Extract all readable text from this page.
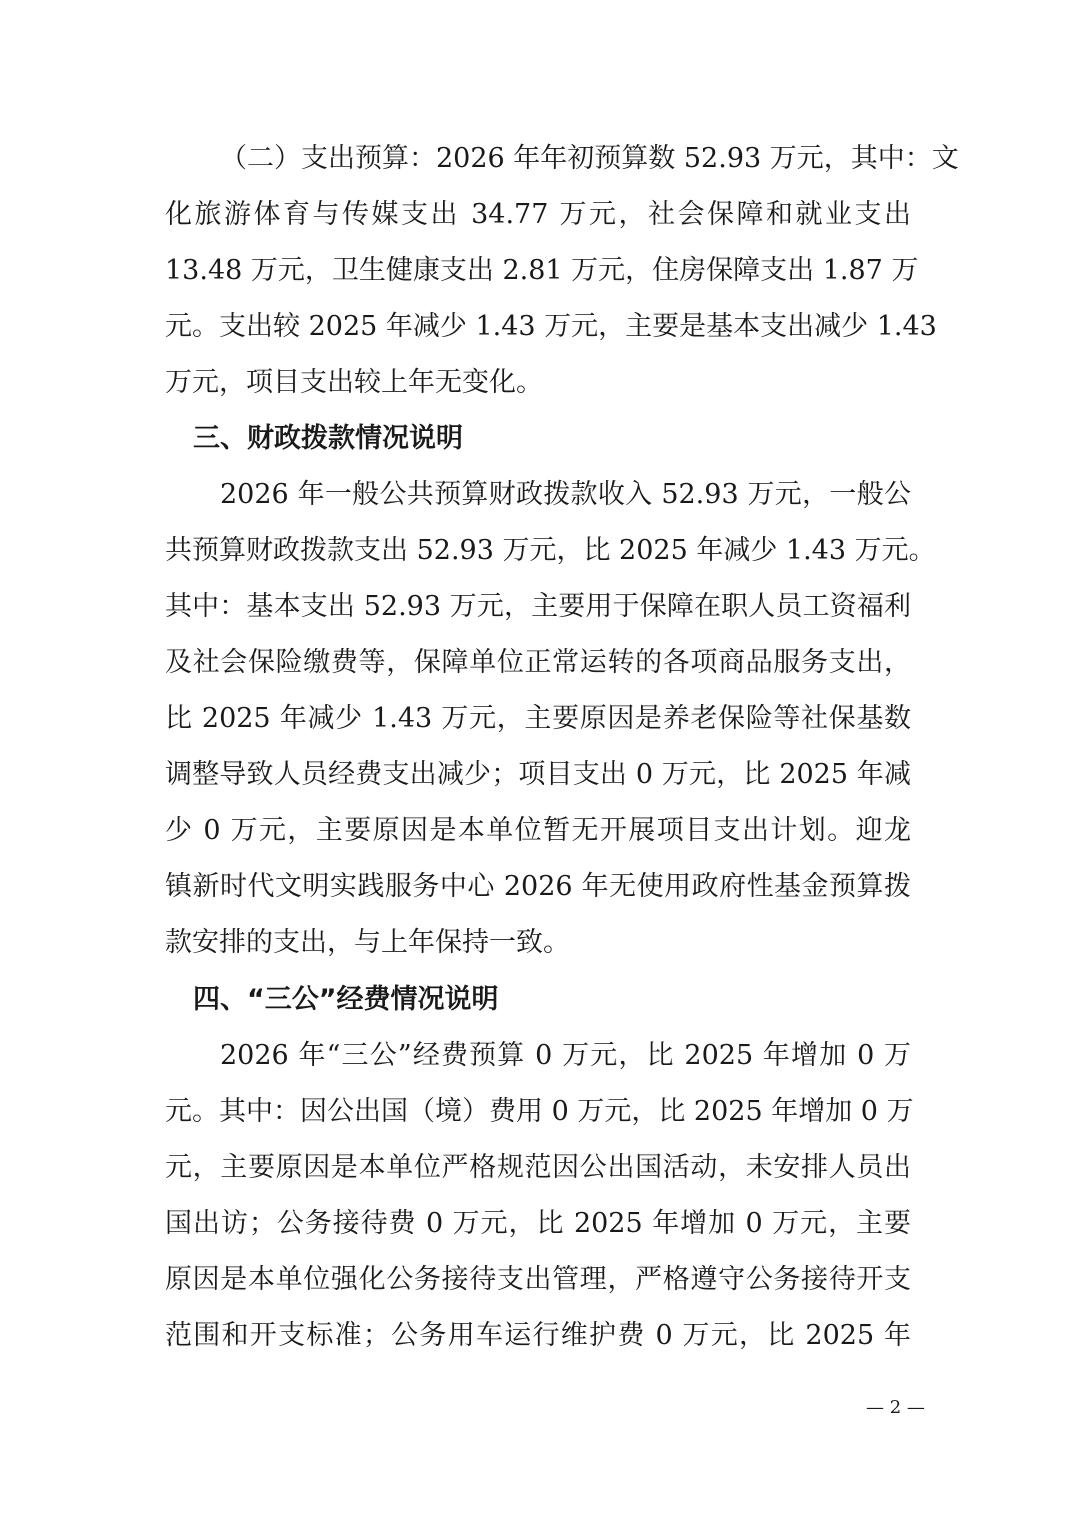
（二）支出预算：2026 年年初预算数 52.93 万元，其中：文

化旅游体育与传媒支出 34.77 万元，社会保障和就业支出

13.48 万元，卫生健康支出 2.81 万元，住房保障支出 1.87 万

元。支出较 2025 年减少 1.43 万元，主要是基本支出减少 1.43

万元，项目支出较上年无变化。

三、财政拨款情况说明

2026 年一般公共预算财政拨款收入 52.93 万元，一般公

共预算财政拨款支出 52.93 万元，比 2025 年减少 1.43 万元。

其中：基本支出 52.93 万元，主要用于保障在职人员工资福利

及社会保险缴费等，保障单位正常运转的各项商品服务支出，

比 2025 年减少 1.43 万元，主要原因是养老保险等社保基数

调整导致人员经费支出减少；项目支出 0 万元，比 2025 年减

少 0 万元，主要原因是本单位暂无开展项目支出计划。迎龙

镇新时代文明实践服务中心 2026 年无使用政府性基金预算拨

款安排的支出，与上年保持一致。

四、“三公”经费情况说明

2026 年“三公”经费预算 0 万元，比 2025 年增加 0 万

元。其中：因公出国（境）费用 0 万元，比 2025 年增加 0 万

元，主要原因是本单位严格规范因公出国活动，未安排人员出

国出访；公务接待费 0 万元，比 2025 年增加 0 万元，主要

原因是本单位强化公务接待支出管理，严格遵守公务接待开支

范围和开支标准；公务用车运行维护费 0 万元，比 2025 年

— 2 —
